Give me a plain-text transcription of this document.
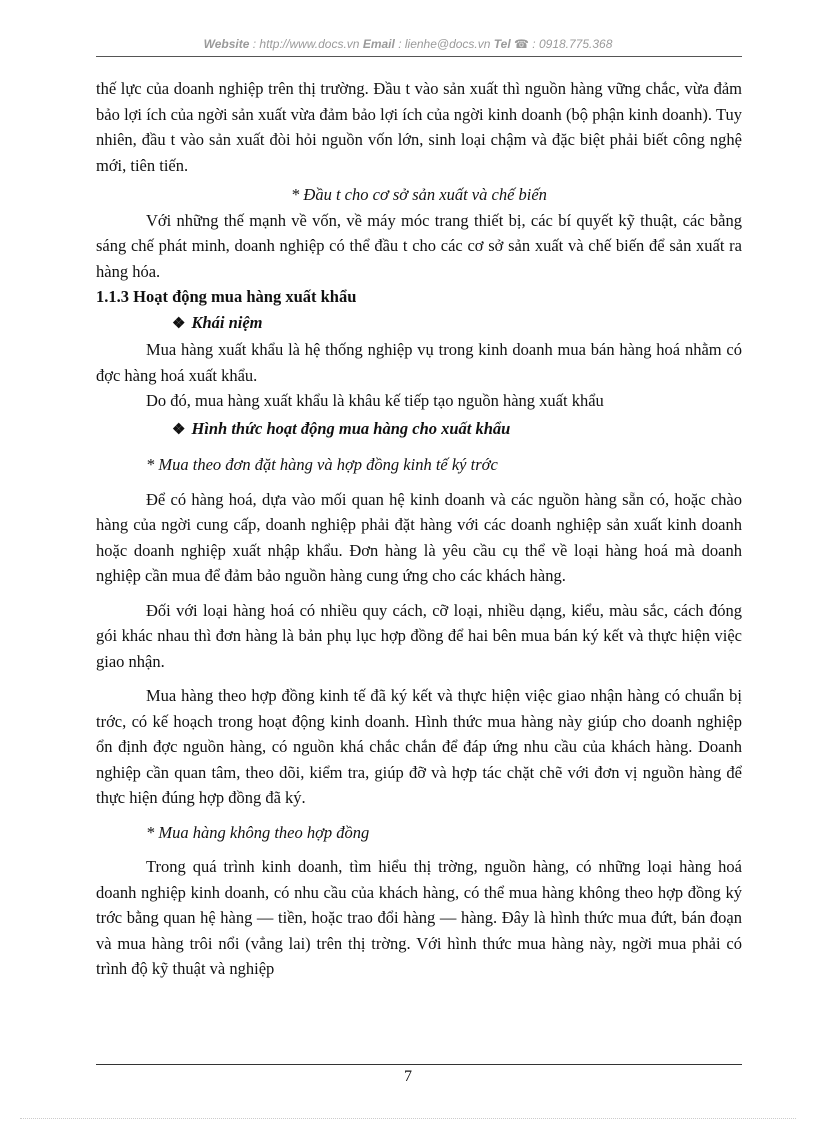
Website : http://www.docs.vn Email : lienhe@docs.vn Tel ☎ : 0918.775.368

thế lực của doanh nghiệp trên thị trường. Đầu t vào sản xuất thì nguồn hàng vững chắc, vừa đảm bảo lợi ích của ngời sản xuất vừa đảm bảo lợi ích của ngời kinh doanh (bộ phận kinh doanh). Tuy nhiên, đầu t vào sản xuất đòi hỏi nguồn vốn lớn, sinh loại chậm và đặc biệt phải biết công nghệ mới, tiên tiến.

* Đầu t cho cơ sở sản xuất và chế biến

Với những thế mạnh về vốn, về máy móc trang thiết bị, các bí quyết kỹ thuật, các bằng sáng chế phát minh, doanh nghiệp có thể đầu t cho các cơ sở sản xuất và chế biến để sản xuất ra hàng hóa.

1.1.3 Hoạt động mua hàng xuất khẩu

❖ Khái niệm

Mua hàng xuất khẩu là hệ thống nghiệp vụ trong kinh doanh mua bán hàng hoá nhằm có đợc hàng hoá xuất khẩu.

Do đó, mua hàng xuất khẩu là khâu kế tiếp tạo nguồn hàng xuất khẩu

❖ Hình thức hoạt động mua hàng cho xuất khẩu

* Mua theo đơn đặt hàng và hợp đồng kinh tế ký trớc

Để có hàng hoá, dựa vào mối quan hệ kinh doanh và các nguồn hàng sẵn có, hoặc chào hàng của ngời cung cấp, doanh nghiệp phải đặt hàng với các doanh nghiệp sản xuất kinh doanh hoặc doanh nghiệp xuất nhập khẩu. Đơn hàng là yêu cầu cụ thể về loại hàng hoá mà doanh nghiệp cần mua để đảm bảo nguồn hàng cung ứng cho các khách hàng.

Đối với loại hàng hoá có nhiều quy cách, cỡ loại, nhiều dạng, kiểu, màu sắc, cách đóng gói khác nhau thì đơn hàng là bản phụ lục hợp đồng để hai bên mua bán ký kết và thực hiện việc giao nhận.

Mua hàng theo hợp đồng kinh tế đã ký kết và thực hiện việc giao nhận hàng có chuẩn bị trớc, có kế hoạch trong hoạt động kinh doanh. Hình thức mua hàng này giúp cho doanh nghiệp ổn định đợc nguồn hàng, có nguồn khá chắc chắn để đáp ứng nhu cầu của khách hàng. Doanh nghiệp cần quan tâm, theo dõi, kiểm tra, giúp đỡ và hợp tác chặt chẽ với đơn vị nguồn hàng để thực hiện đúng hợp đồng đã ký.

* Mua hàng không theo hợp đồng

Trong quá trình kinh doanh, tìm hiểu thị trờng, nguồn hàng, có những loại hàng hoá doanh nghiệp kinh doanh, có nhu cầu của khách hàng, có thể mua hàng không theo hợp đồng ký trớc bằng quan hệ hàng — tiền, hoặc trao đổi hàng — hàng. Đây là hình thức mua đứt, bán đoạn và mua hàng trôi nổi (vẳng lai) trên thị trờng. Với hình thức mua hàng này, ngời mua phải có trình độ kỹ thuật và nghiệp

7
